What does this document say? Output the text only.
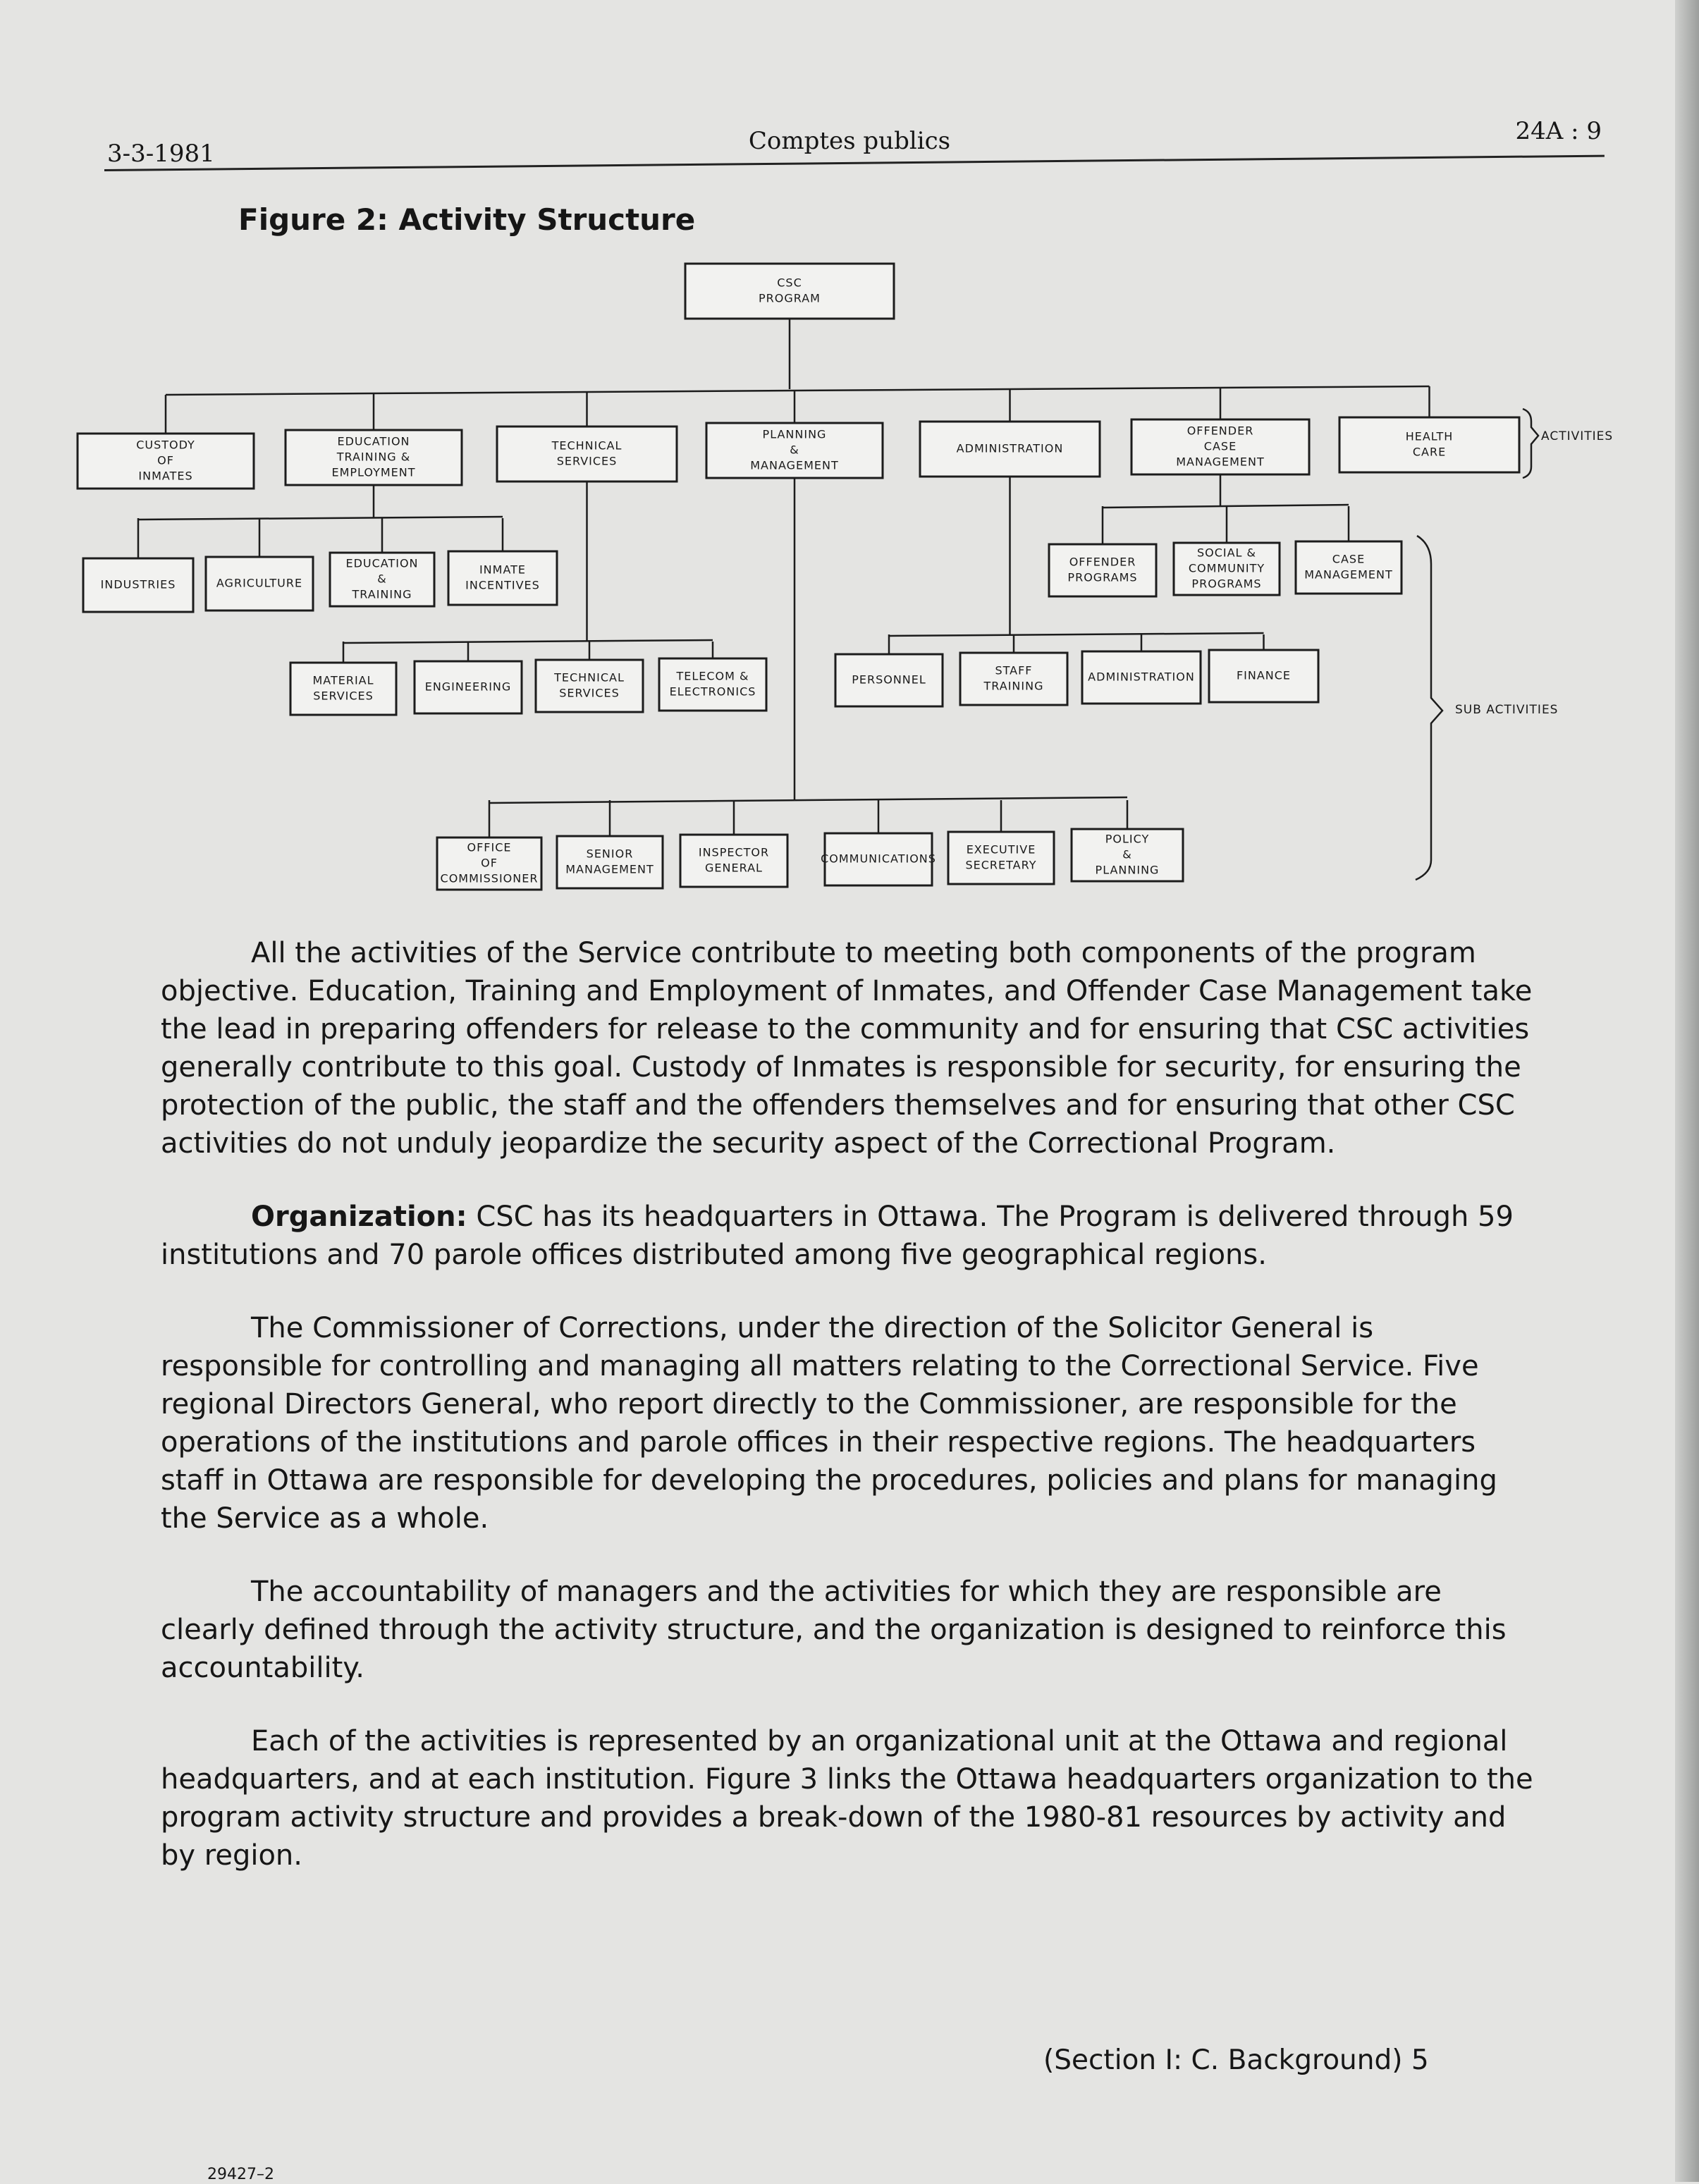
3-3-1981	Comptes publics	24A : 9
Figure 2: Activity Structure
CSC
PROGRAM
CUSTODY
OF
INMATES
EDUCATION
TRAINING &
EMPLOYMENT
TECHNICAL
SERVICES
PLANNING
&
MANAGEMENT
ADMINISTRATION
OFFENDER
CASE
MANAGEMENT
HEALTH
CARE
INDUSTRIES	AGRICULTURE
EDUCATION
&
TRAINING
INMATE
INCENTIVES
OFFENDER
PROGRAMS
SOCIAL &
COMMUNITY
PROGRAMS
CASE
MANAGEMENT
MATERIAL
SERVICES
ENGINEERING
TECHNICAL
SERVICES
TELECOM &
ELECTRONICS
PERSONNEL
STAFF
TRAINING
ADMINISTRATION	FINANCE
OFFICE
OF
COMMISSIONER
SENIOR
MANAGEMENT
INSPECTOR
GENERAL
COMMUNICATIONS
EXECUTIVE
SECRETARY
POLICY
&
PLANNING
ACTIVITIES
SUB ACTIVITIES

All the activities of the Service contribute to meeting both components of the program objective. Education, Training and Employment of Inmates, and Offender Case Management take the lead in preparing offenders for release to the community and for ensuring that CSC activities generally contribute to this goal. Custody of Inmates is responsible for security, for ensuring the protection of the public, the staff and the offenders themselves and for ensuring that other CSC activities do not unduly jeopardize the security aspect of the Correctional Program.

Organization: CSC has its headquarters in Ottawa. The Program is delivered through 59 institutions and 70 parole offices distributed among five geographical regions.

The Commissioner of Corrections, under the direction of the Solicitor General is responsible for controlling and managing all matters relating to the Correctional Service. Five regional Directors General, who report directly to the Commissioner, are responsible for the operations of the institutions and parole offices in their respective regions. The headquarters staff in Ottawa are responsible for developing the procedures, policies and plans for managing the Service as a whole.

The accountability of managers and the activities for which they are responsible are clearly defined through the activity structure, and the organization is designed to reinforce this accountability.

Each of the activities is represented by an organizational unit at the Ottawa and regional headquarters, and at each institution. Figure 3 links the Ottawa headquarters organization to the program activity structure and provides a break-down of the 1980-81 resources by activity and by region.

(Section I: C. Background) 5
29427–2
